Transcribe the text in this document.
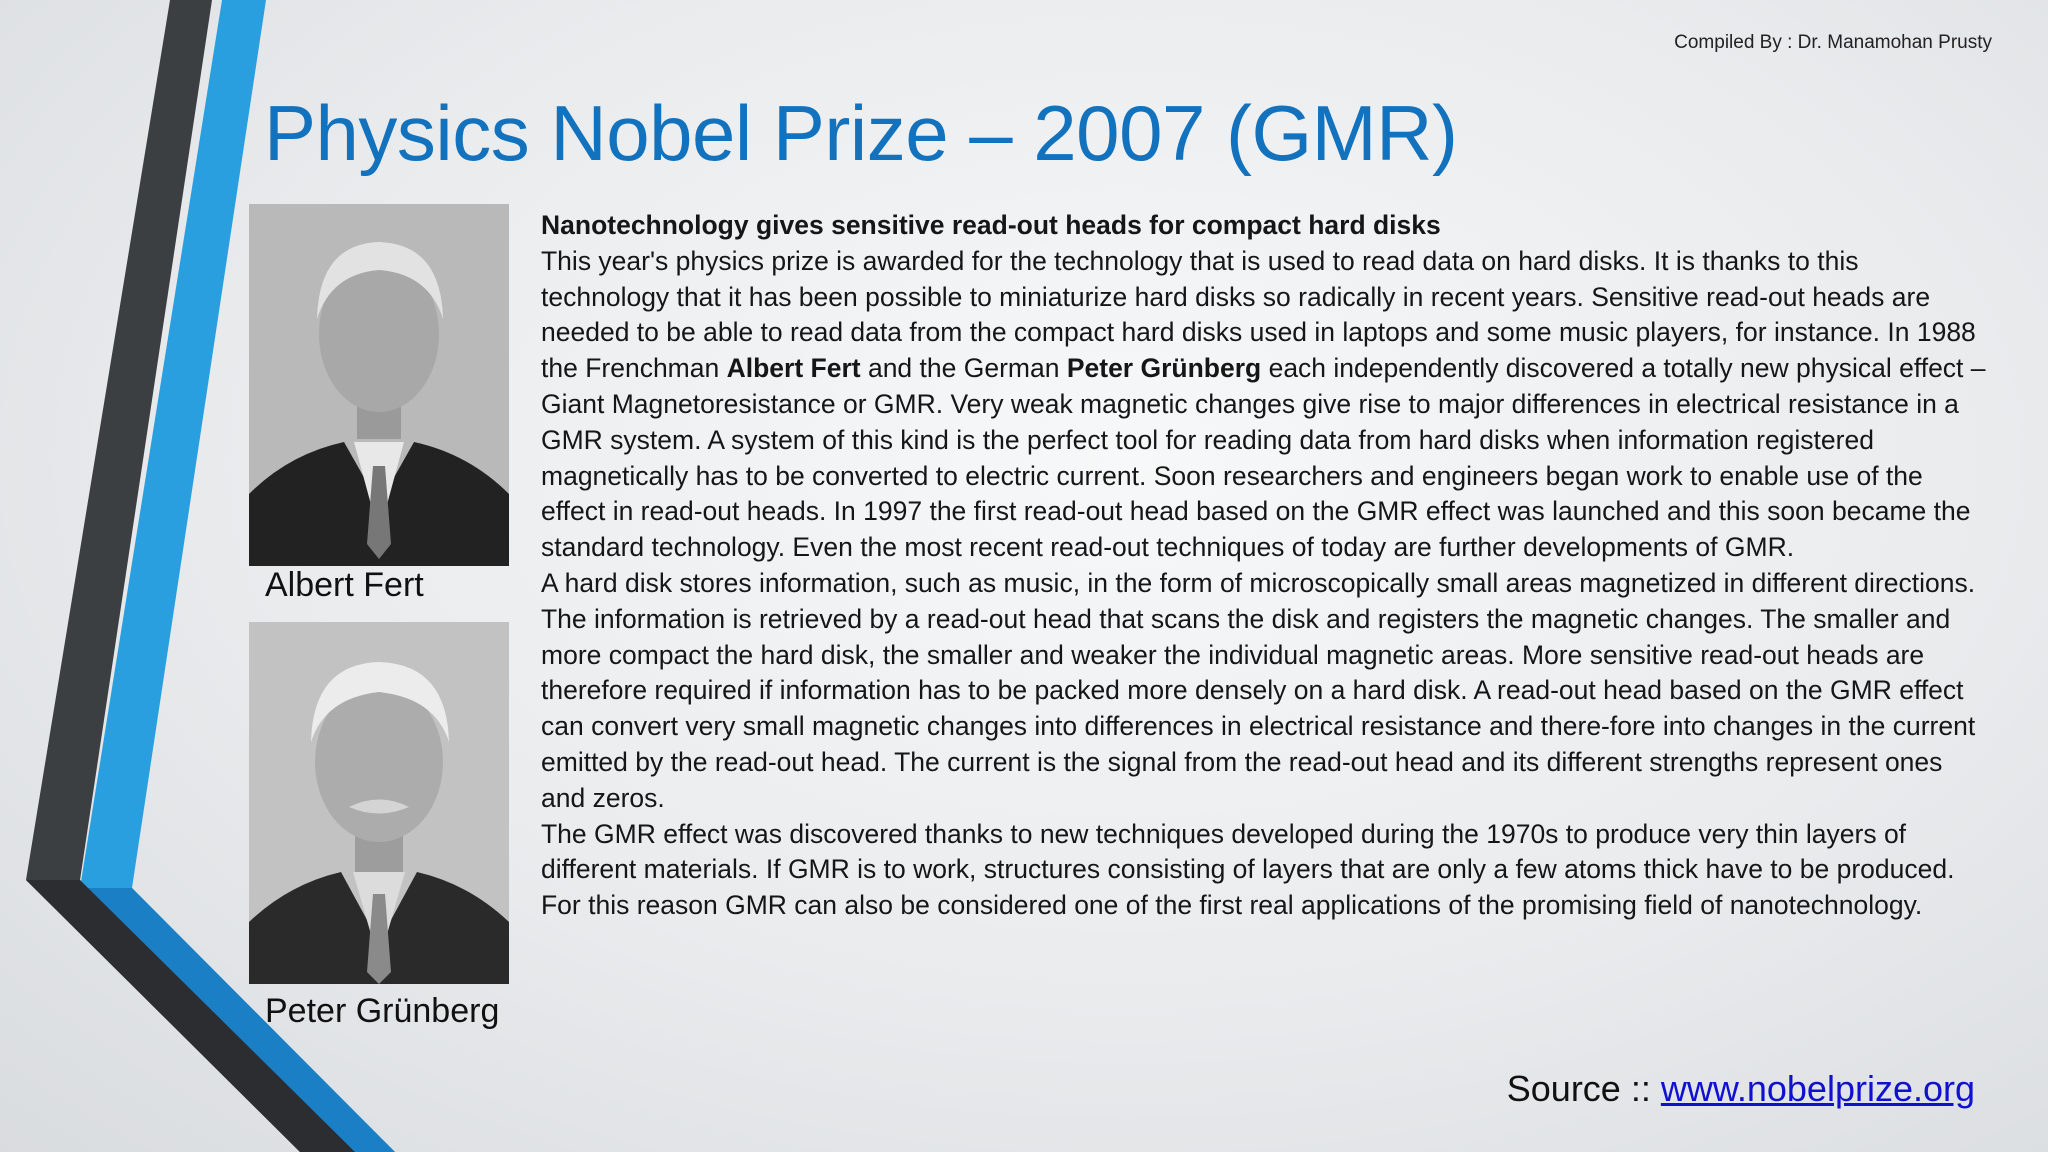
Compiled By : Dr. Manamohan Prusty
Physics Nobel Prize – 2007 (GMR)
Albert Fert
Peter Grünberg

Nanotechnology gives sensitive read-out heads for compact hard disks

This year's physics prize is awarded for the technology that is used to read data on hard disks. It is thanks to this technology that it has been possible to miniaturize hard disks so radically in recent years. Sensitive read-out heads are needed to be able to read data from the compact hard disks used in laptops and some music players, for instance. In 1988 the Frenchman Albert Fert and the German Peter Grünberg each independently discovered a totally new physical effect – Giant Magnetoresistance or GMR. Very weak magnetic changes give rise to major differences in electrical resistance in a GMR system. A system of this kind is the perfect tool for reading data from hard disks when information registered magnetically has to be converted to electric current. Soon researchers and engineers began work to enable use of the effect in read-out heads. In 1997 the first read-out head based on the GMR effect was launched and this soon became the standard technology. Even the most recent read-out techniques of today are further developments of GMR.

A hard disk stores information, such as music, in the form of microscopically small areas magnetized in different directions. The information is retrieved by a read-out head that scans the disk and registers the magnetic changes. The smaller and more compact the hard disk, the smaller and weaker the individual magnetic areas. More sensitive read-out heads are therefore required if information has to be packed more densely on a hard disk. A read-out head based on the GMR effect can convert very small magnetic changes into differences in electrical resistance and there-fore into changes in the current emitted by the read-out head. The current is the signal from the read-out head and its different strengths represent ones and zeros.

The GMR effect was discovered thanks to new techniques developed during the 1970s to produce very thin layers of different materials. If GMR is to work, structures consisting of layers that are only a few atoms thick have to be produced. For this reason GMR can also be considered one of the first real applications of the promising field of nanotechnology.

Source :: www.nobelprize.org
